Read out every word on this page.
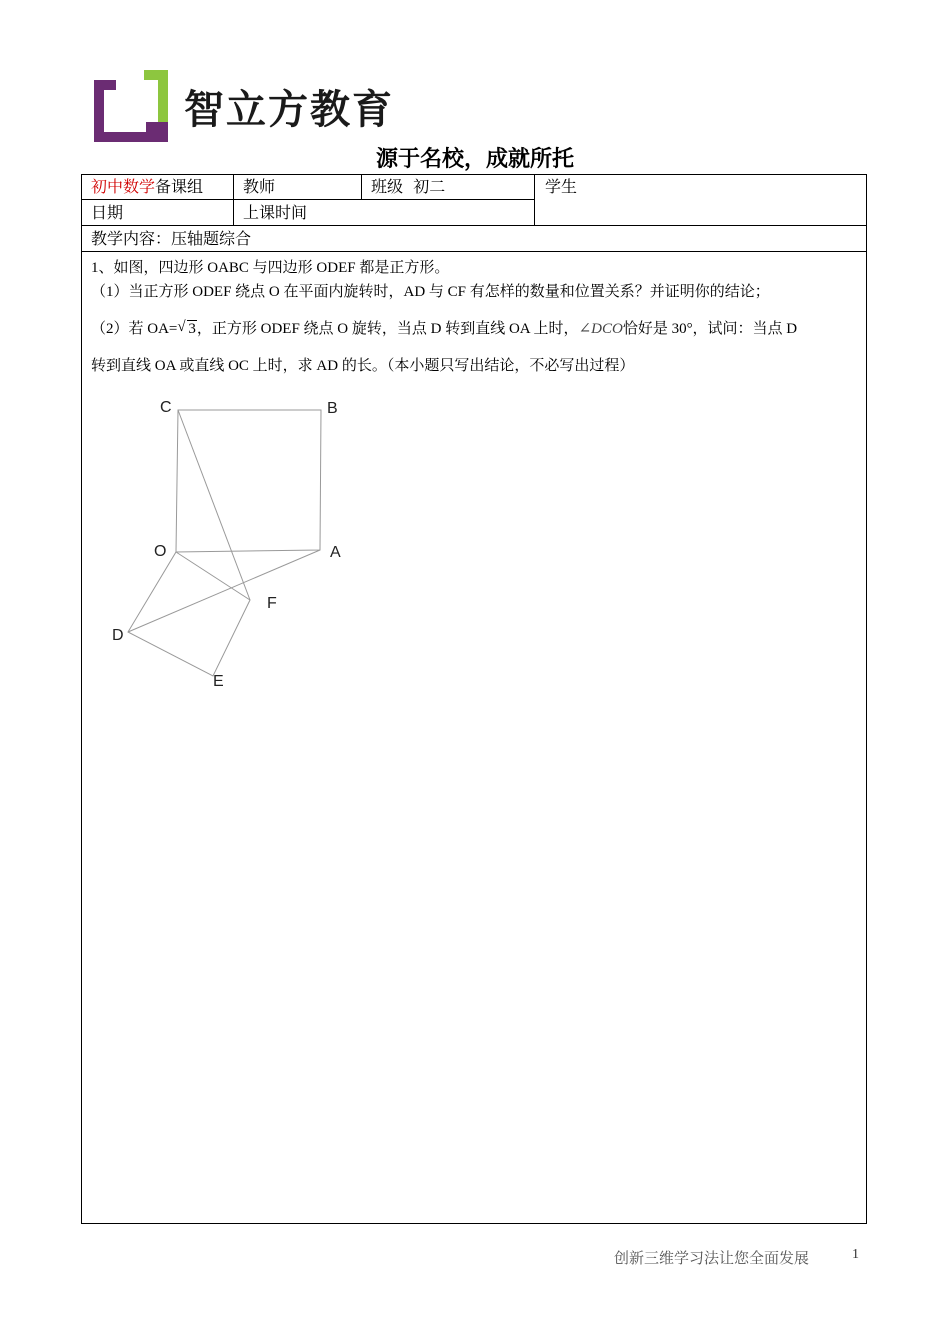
智立方教育
源于名校，成就所托
初中数学备课组 教师	班级 初二	学生
日期	上课时间
教学内容：压轴题综合
1、如图，四边形 OABC 与四边形 ODEF 都是正方形。
（1）当正方形 ODEF 绕点 O 在平面内旋转时，AD 与 CF 有怎样的数量和位置关系？并证明你的结论；
（2）若 OA= √ 3，正方形 ODEF 绕点 O 旋转，当点 D 转到直线 OA 上时，∠DCO恰好是 30°，试问：当点 D
转到直线 OA 或直线 OC 上时，求 AD 的长。（本小题只写出结论，不必写出过程）
C	B
O	A
F
D
E
创新三维学习法让您全面发展	1
